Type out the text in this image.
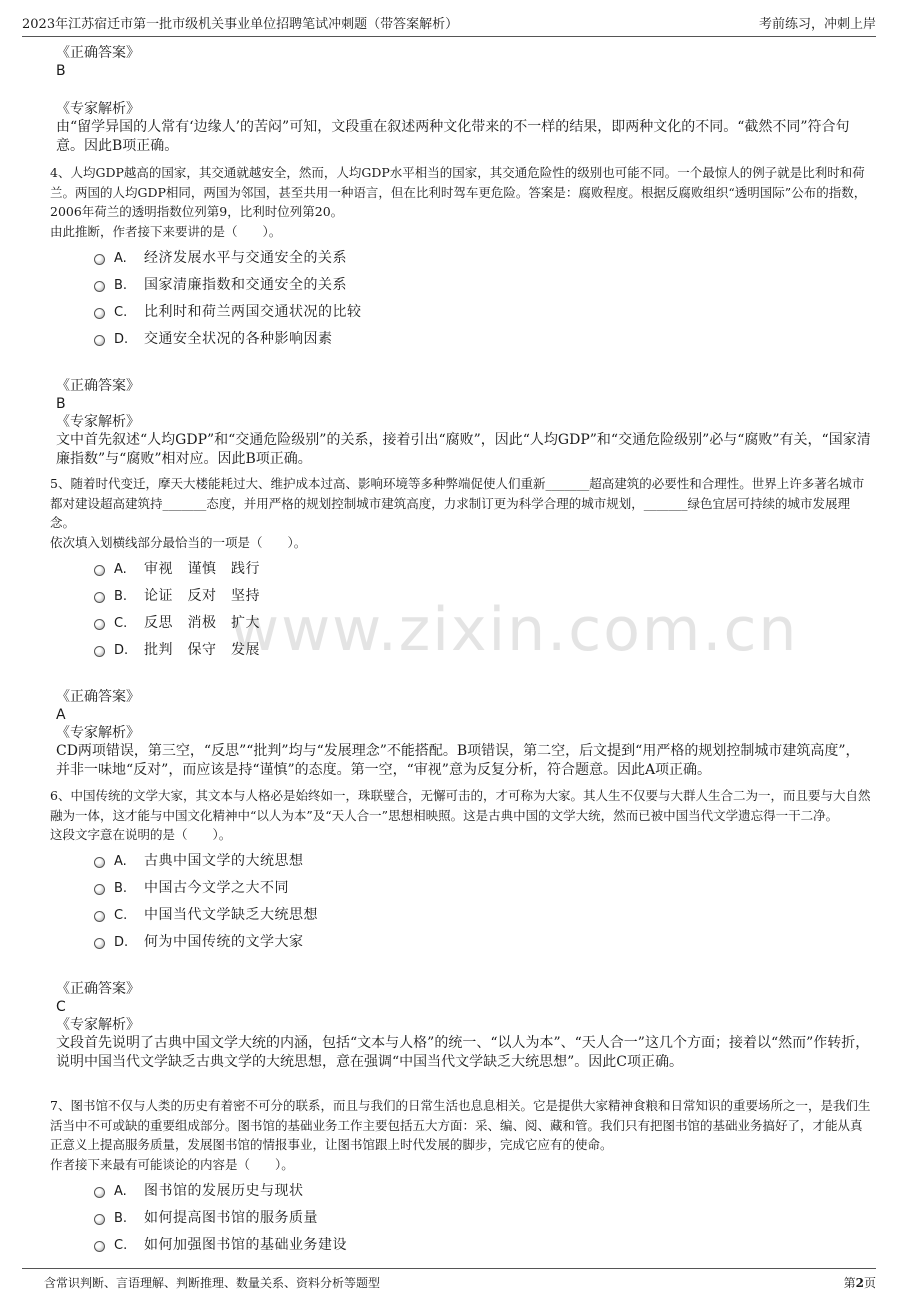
2023年江苏宿迁市第一批市级机关事业单位招聘笔试冲刺题（带答案解析）	考前练习，冲刺上岸
www.zixin.com.cn
《正确答案》
B
《专家解析》
由“留学异国的人常有‘边缘人’的苦闷”可知，文段重在叙述两种文化带来的不一样的结果，即两种文化的不同。“截然不同”符合句意。因此B项正确。
4、人均GDP越高的国家，其交通就越安全，然而，人均GDP水平相当的国家，其交通危险性的级别也可能不同。一个最惊人的例子就是比利时和荷兰。两国的人均GDP相同，两国为邻国，甚至共用一种语言，但在比利时驾车更危险。答案是：腐败程度。根据反腐败组织“透明国际”公布的指数，2006年荷兰的透明指数位列第9，比利时位列第20。
由此推断，作者接下来要讲的是（　　）。
A. 经济发展水平与交通安全的关系
B. 国家清廉指数和交通安全的关系
C. 比利时和荷兰两国交通状况的比较
D. 交通安全状况的各种影响因素
《正确答案》
B
《专家解析》
文中首先叙述“人均GDP”和“交通危险级别”的关系，接着引出“腐败”，因此“人均GDP”和“交通危险级别”必与“腐败”有关，“国家清廉指数”与“腐败”相对应。因此B项正确。
5、随着时代变迁，摩天大楼能耗过大、维护成本过高、影响环境等多种弊端促使人们重新_______超高建筑的必要性和合理性。世界上许多著名城市都对建设超高建筑持_______态度，并用严格的规划控制城市建筑高度，力求制订更为科学合理的城市规划，_______绿色宜居可持续的城市发展理念。
依次填入划横线部分最恰当的一项是（　　）。
A. 审视　谨慎　践行
B. 论证　反对　坚持
C. 反思　消极　扩大
D. 批判　保守　发展
《正确答案》
A
《专家解析》
CD两项错误，第三空，“反思”“批判”均与“发展理念”不能搭配。B项错误，第二空，后文提到“用严格的规划控制城市建筑高度”，并非一味地“反对”，而应该是持“谨慎”的态度。第一空，“审视”意为反复分析，符合题意。因此A项正确。
6、中国传统的文学大家，其文本与人格必是始终如一，珠联璧合，无懈可击的，才可称为大家。其人生不仅要与大群人生合二为一，而且要与大自然融为一体，这才能与中国文化精神中“以人为本”及“天人合一”思想相映照。这是古典中国的文学大统，然而已被中国当代文学遗忘得一干二净。
这段文字意在说明的是（　　）。
A. 古典中国文学的大统思想
B. 中国古今文学之大不同
C. 中国当代文学缺乏大统思想
D. 何为中国传统的文学大家
《正确答案》
C
《专家解析》
文段首先说明了古典中国文学大统的内涵，包括“文本与人格”的统一、“以人为本”、“天人合一”这几个方面；接着以“然而”作转折，说明中国当代文学缺乏古典文学的大统思想，意在强调“中国当代文学缺乏大统思想”。因此C项正确。
7、图书馆不仅与人类的历史有着密不可分的联系，而且与我们的日常生活也息息相关。它是提供大家精神食粮和日常知识的重要场所之一，是我们生活当中不可或缺的重要组成部分。图书馆的基础业务工作主要包括五大方面：采、编、阅、藏和管。我们只有把图书馆的基础业务搞好了，才能从真正意义上提高服务质量，发展图书馆的情报事业，让图书馆跟上时代发展的脚步，完成它应有的使命。
作者接下来最有可能谈论的内容是（　　）。
A. 图书馆的发展历史与现状
B. 如何提高图书馆的服务质量
C. 如何加强图书馆的基础业务建设
含常识判断、言语理解、判断推理、数量关系、资料分析等题型	第2页
